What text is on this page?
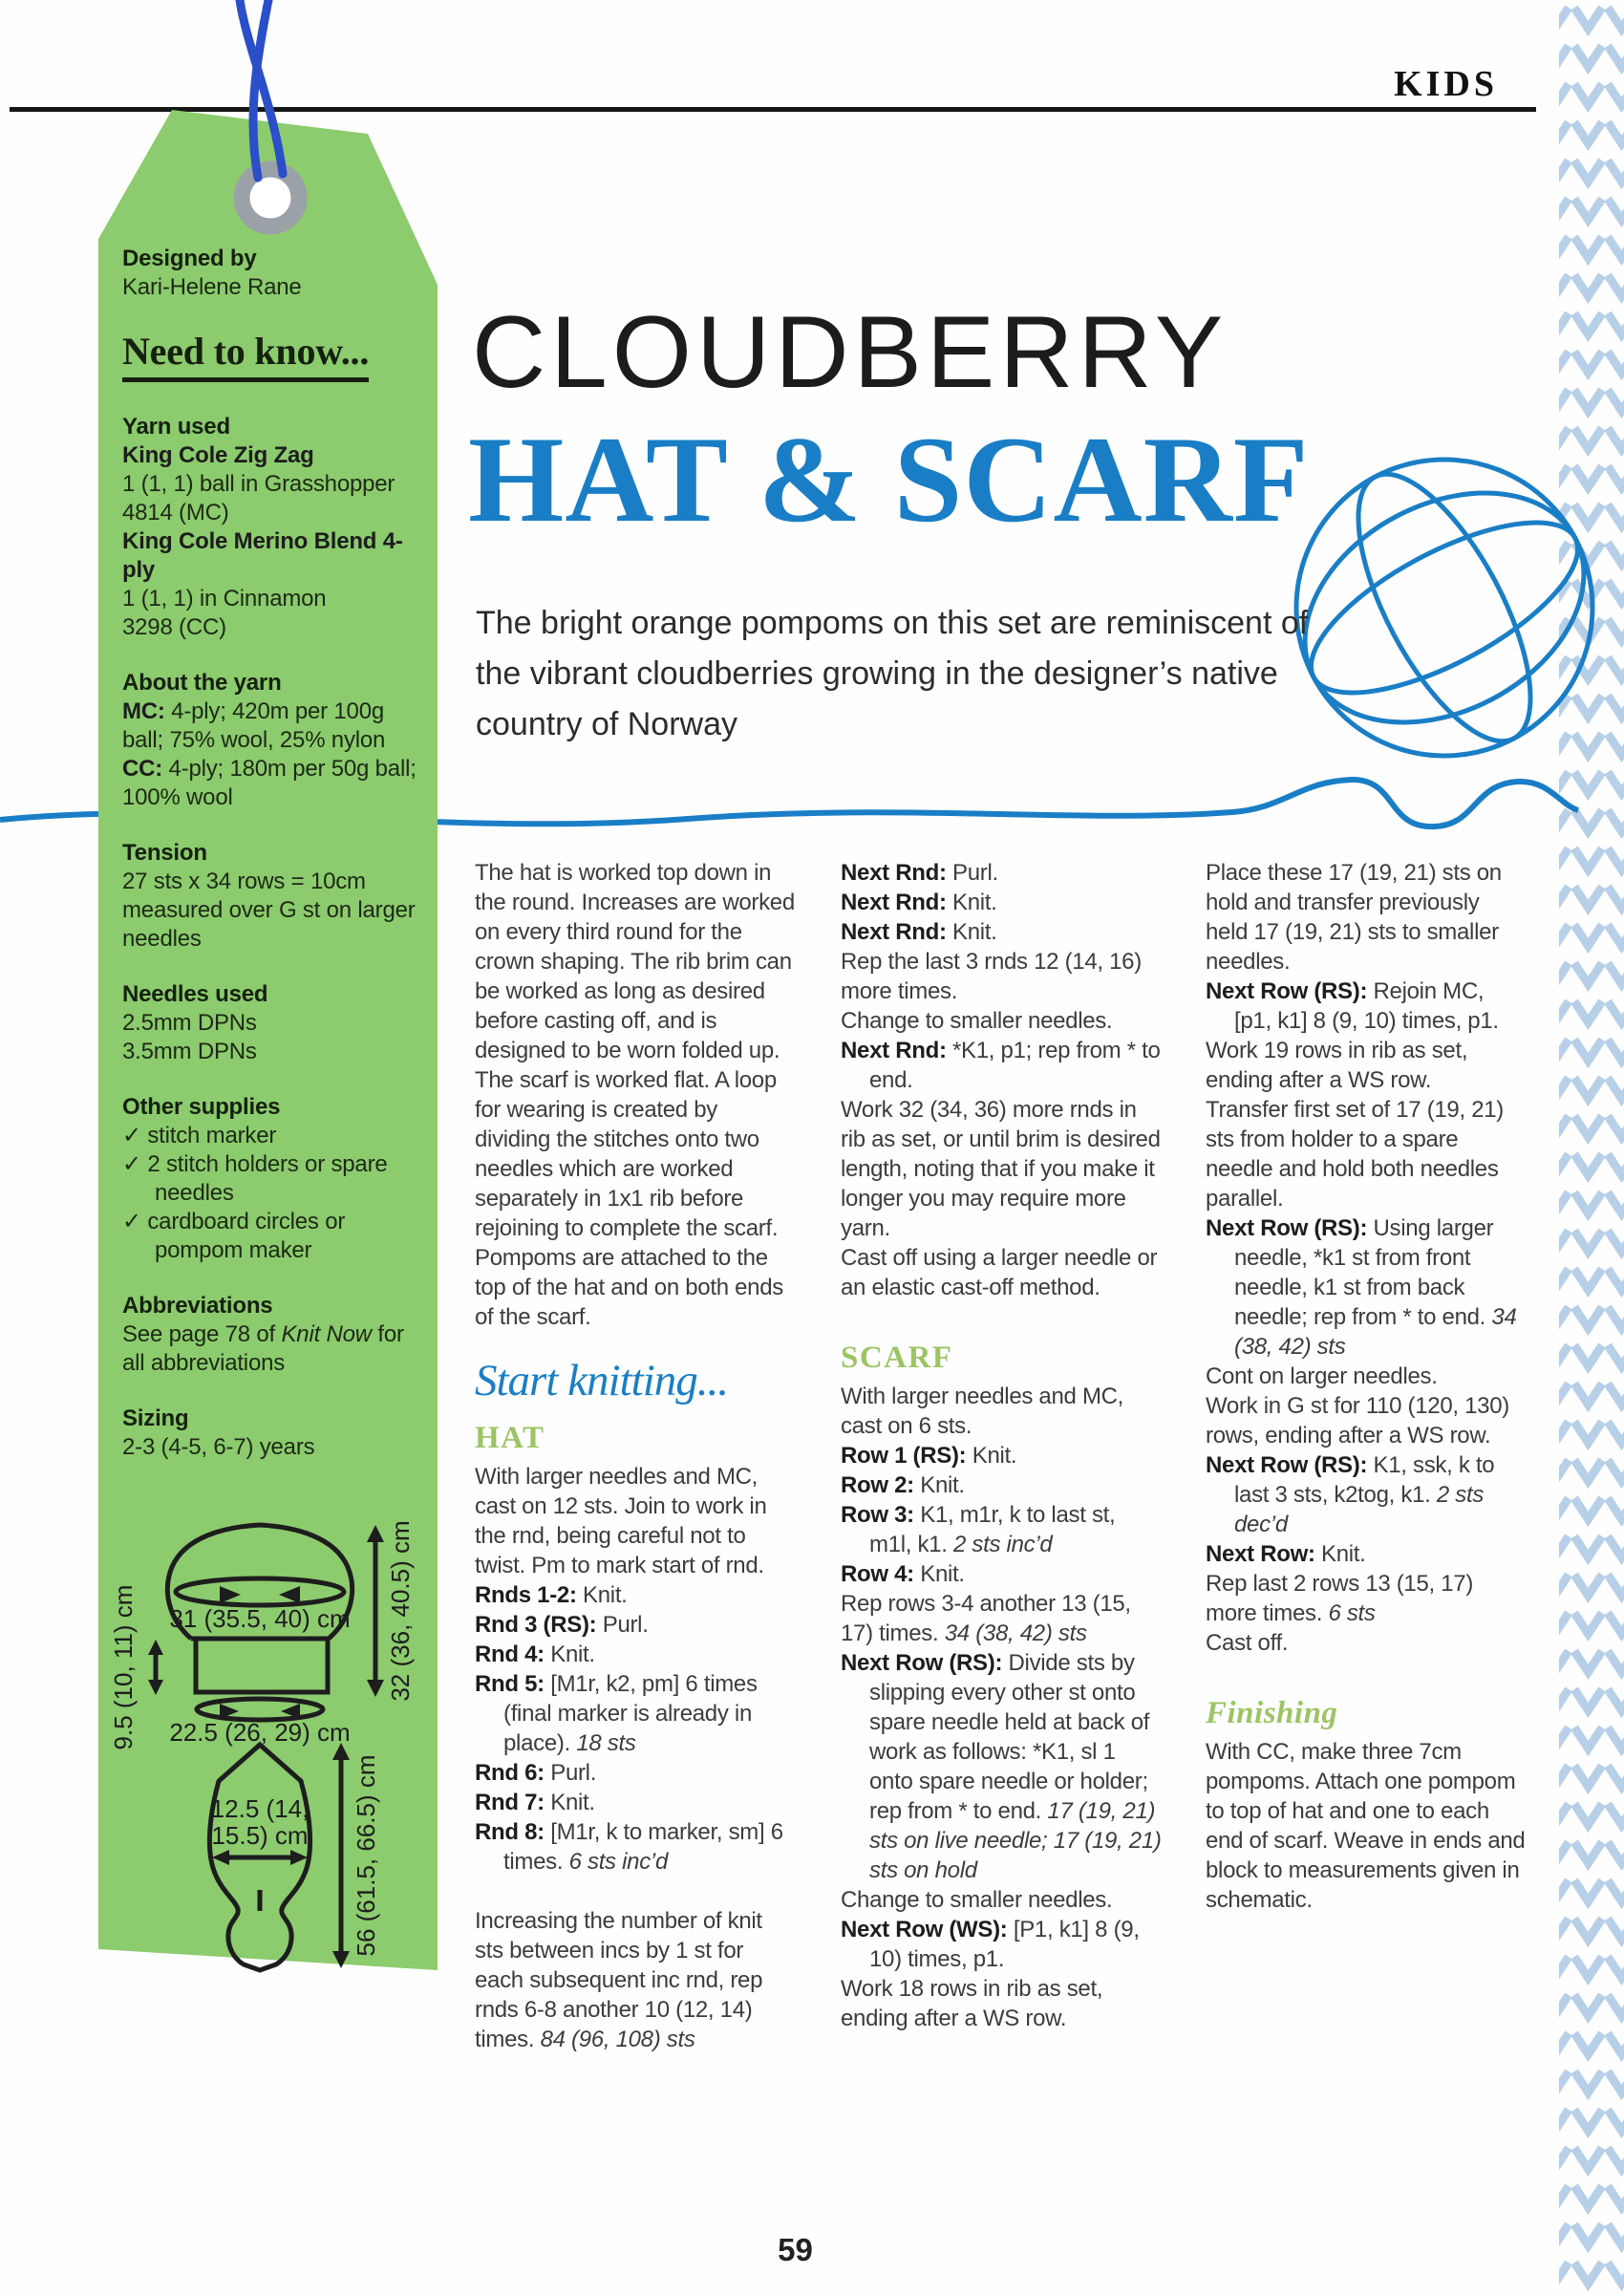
31 (35.5, 40) cm
22.5 (26, 29) cm
32 (36, 40.5) cm
9.5 (10, 11) cm
12.5 (14,
15.5) cm 56 (61.5, 66.5) cm
KIDS
CLOUDBERRY
HAT & SCARF
The bright orange pompoms on this set are reminiscent of the vibrant cloudberries growing in the designer’s native country of Norway
Designed by
Kari-Helene Rane
Need to know...
Yarn used
King Cole Zig Zag
1 (1, 1) ball in Grasshopper
4814 (MC)
King Cole Merino Blend 4-ply
1 (1, 1) in Cinnamon
3298 (CC)
About the yarn
MC: 4-ply; 420m per 100g ball; 75% wool, 25% nylon
CC: 4-ply; 180m per 50g ball; 100% wool
Tension
27 sts x 34 rows = 10cm measured over G st on larger needles
Needles used
2.5mm DPNs
3.5mm DPNs
Other supplies
✓ stitch marker
✓ 2 stitch holders or spare needles
✓ cardboard circles or pompom maker
Abbreviations
See page 78 of Knit Now for all abbreviations
Sizing
2-3 (4-5, 6-7) years
The hat is worked top down in the round. Increases are worked on every third round for the crown shaping. The rib brim can be worked as long as desired before casting off, and is designed to be worn folded up. The scarf is worked flat. A loop for wearing is created by dividing the stitches onto two needles which are worked separately in 1x1 rib before rejoining to complete the scarf. Pompoms are attached to the top of the hat and on both ends of the scarf.
Start knitting...
HAT
With larger needles and MC, cast on 12 sts. Join to work in the rnd, being careful not to twist. Pm to mark start of rnd.
Rnds 1-2: Knit.
Rnd 3 (RS): Purl.
Rnd 4: Knit.
Rnd 5: [M1r, k2, pm] 6 times (final marker is already in place). 18 sts
Rnd 6: Purl.
Rnd 7: Knit.
Rnd 8: [M1r, k to marker, sm] 6 times. 6 sts inc’d
Increasing the number of knit sts between incs by 1 st for each subsequent inc rnd, rep rnds 6-8 another 10 (12, 14) times. 84 (96, 108) sts
Next Rnd: Purl.
Next Rnd: Knit.
Next Rnd: Knit.
Rep the last 3 rnds 12 (14, 16) more times.
Change to smaller needles.
Next Rnd: *K1, p1; rep from * to end.
Work 32 (34, 36) more rnds in rib as set, or until brim is desired length, noting that if you make it longer you may require more yarn.
Cast off using a larger needle or an elastic cast-off method.
SCARF
With larger needles and MC, cast on 6 sts.
Row 1 (RS): Knit.
Row 2: Knit.
Row 3: K1, m1r, k to last st, m1l, k1. 2 sts inc’d
Row 4: Knit.
Rep rows 3-4 another 13 (15, 17) times. 34 (38, 42) sts
Next Row (RS): Divide sts by slipping every other st onto spare needle held at back of work as follows: *K1, sl 1 onto spare needle or holder; rep from * to end. 17 (19, 21) sts on live needle; 17 (19, 21) sts on hold
Change to smaller needles.
Next Row (WS): [P1, k1] 8 (9, 10) times, p1.
Work 18 rows in rib as set, ending after a WS row.
Place these 17 (19, 21) sts on hold and transfer previously held 17 (19, 21) sts to smaller needles.
Next Row (RS): Rejoin MC, [p1, k1] 8 (9, 10) times, p1.
Work 19 rows in rib as set, ending after a WS row.
Transfer first set of 17 (19, 21) sts from holder to a spare needle and hold both needles parallel.
Next Row (RS): Using larger needle, *k1 st from front needle, k1 st from back needle; rep from * to end. 34 (38, 42) sts
Cont on larger needles.
Work in G st for 110 (120, 130) rows, ending after a WS row.
Next Row (RS): K1, ssk, k to last 3 sts, k2tog, k1. 2 sts dec’d
Next Row: Knit.
Rep last 2 rows 13 (15, 17) more times. 6 sts
Cast off.
Finishing
With CC, make three 7cm pompoms. Attach one pompom to top of hat and one to each end of scarf. Weave in ends and block to measurements given in schematic.
59
